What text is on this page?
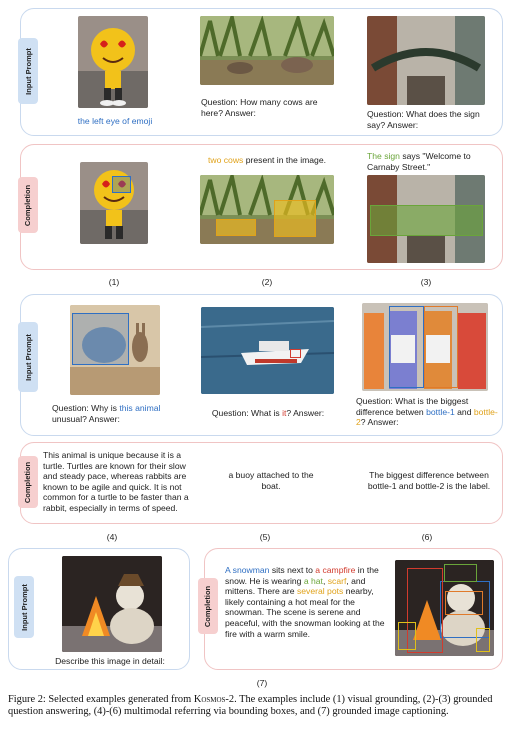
Input Prompt
the left eye of emoji
Question: How many cows are here? Answer:	Question: What does the sign say? Answer:
Completion
two cows present in the image.	The sign says "Welcome to Carnaby Street."
(1)	(2)	(3)
Input Prompt
Question: Why is this animal unusual? Answer:
Question: What is it? Answer:
Question: What is the biggest difference betwen bottle-1 and bottle-2? Answer:
Completion
This animal is unique because it is a turtle. Turtles are known for their slow and steady pace, whereas rabbits are known to be agile and quick. It is not common for a turtle to be faster than a rabbit, especially in terms of speed.
a buoy attached to the boat.
The biggest difference between bottle-1 and bottle-2 is the label.
(4)	(5)	(6)
Input Prompt
Describe this image in detail:
Completion
A snowman sits next to a campfire in the snow. He is wearing a hat, scarf, and mittens. There are several pots nearby, likely containing a hot meal for the snowman. The scene is serene and peaceful, with the snowman looking at the fire with a warm smile.
(7)
Figure 2: Selected examples generated from Kosmos-2. The examples include (1) visual grounding, (2)-(3) grounded question answering, (4)-(6) multimodal referring via bounding boxes, and (7) grounded image captioning.
